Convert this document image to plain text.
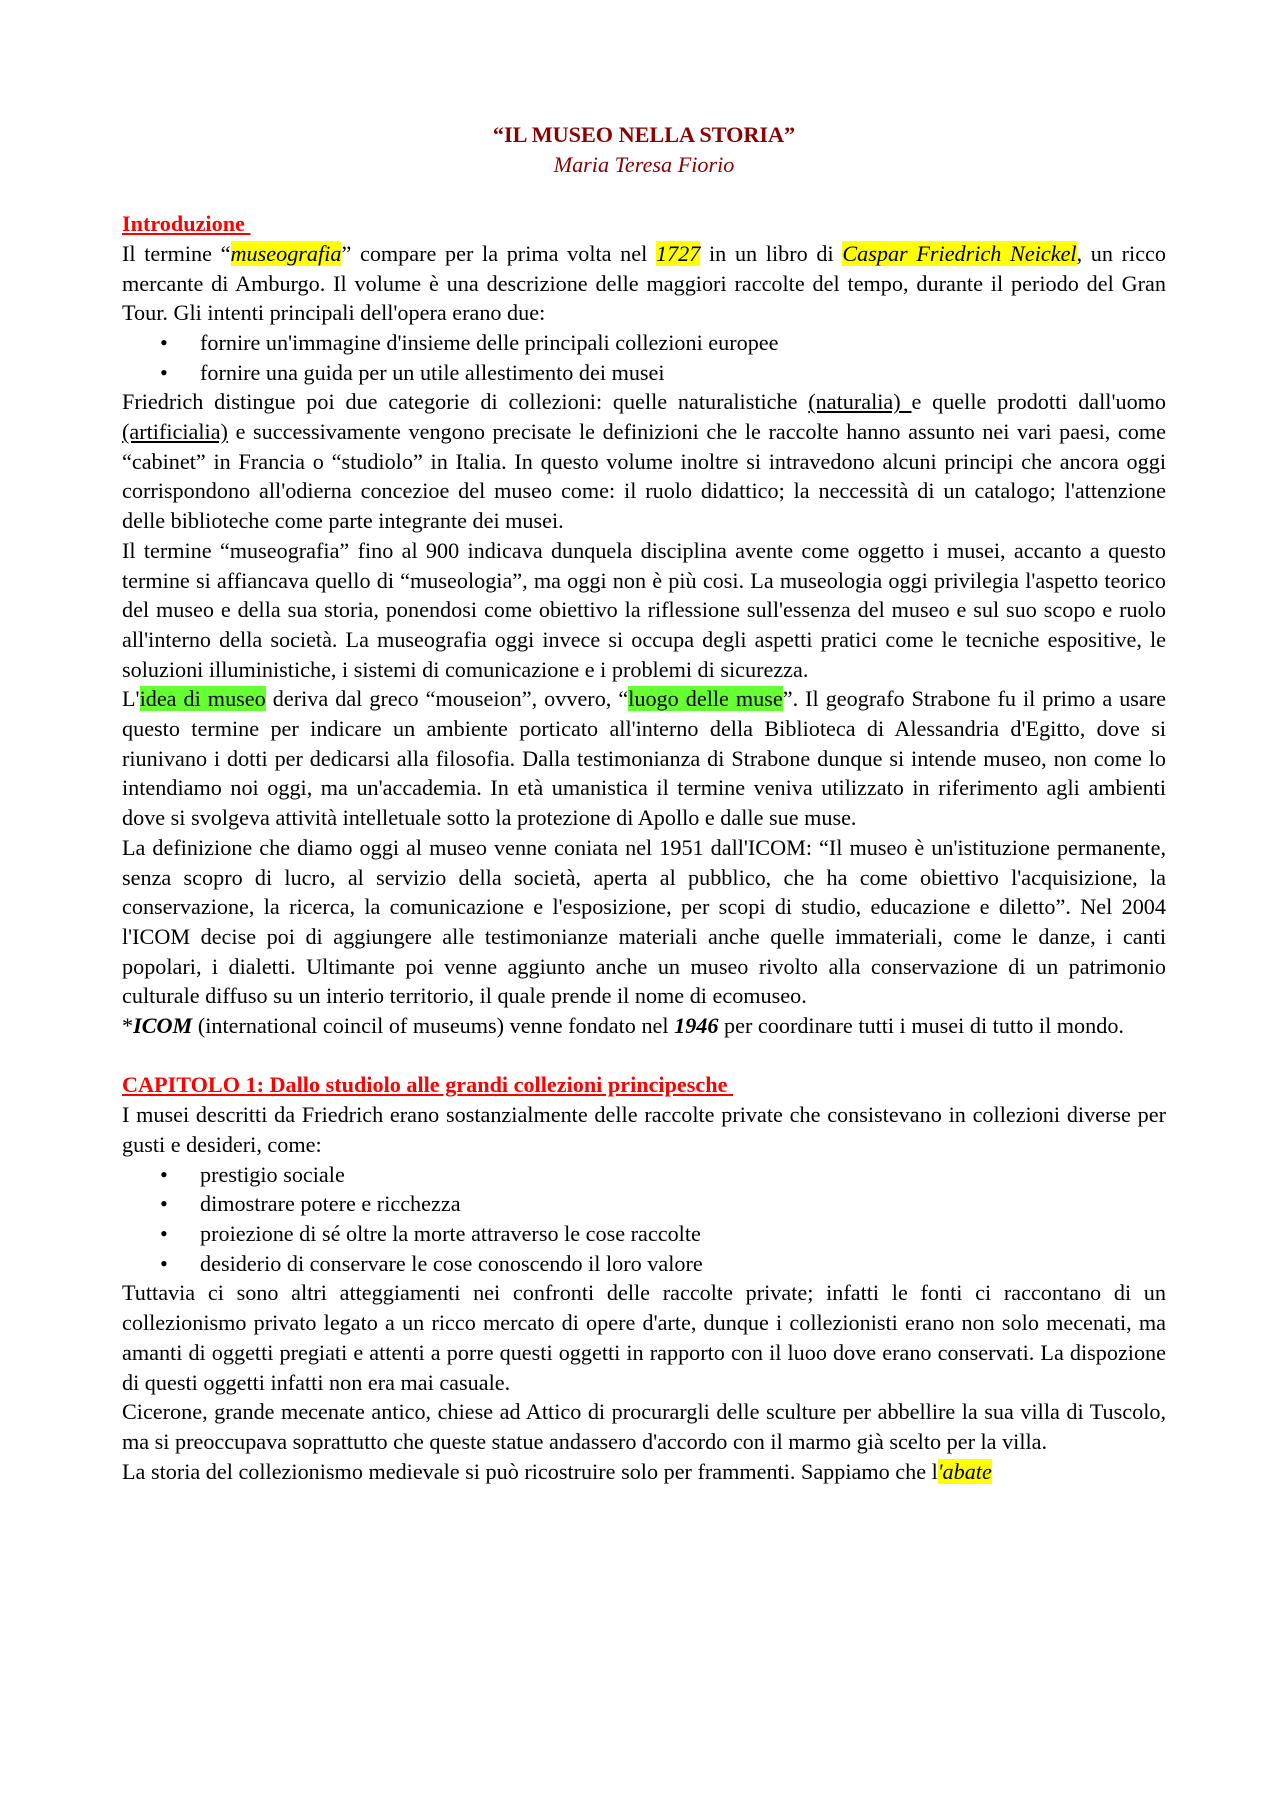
“IL MUSEO NELLA STORIA”

Maria Teresa Fiorio

Introduzione

Il termine “museografia” compare per la prima volta nel 1727 in un libro di Caspar Friedrich Neickel, un ricco mercante di Amburgo. Il volume è una descrizione delle maggiori raccolte del tempo, durante il periodo del Gran Tour. Gli intenti principali dell'opera erano due:

• fornire un'immagine d'insieme delle principali collezioni europee
• fornire una guida per un utile allestimento dei musei

Friedrich distingue poi due categorie di collezioni: quelle naturalistiche (naturalia) e quelle prodotti dall'uomo (artificialia) e successivamente vengono precisate le definizioni che le raccolte hanno assunto nei vari paesi, come “cabinet” in Francia o “studiolo” in Italia. In questo volume inoltre si intravedono alcuni principi che ancora oggi corrispondono all'odierna concezioe del museo come: il ruolo didattico; la neccessità di un catalogo; l'attenzione delle biblioteche come parte integrante dei musei.

Il termine “museografia” fino al 900 indicava dunquela disciplina avente come oggetto i musei, accanto a questo termine si affiancava quello di “museologia”, ma oggi non è più cosi. La museologia oggi privilegia l'aspetto teorico del museo e della sua storia, ponendosi come obiettivo la riflessione sull'essenza del museo e sul suo scopo e ruolo all'interno della società. La museografia oggi invece si occupa degli aspetti pratici come le tecniche espositive, le soluzioni illuministiche, i sistemi di comunicazione e i problemi di sicurezza.

L'idea di museo deriva dal greco “mouseion”, ovvero, “luogo delle muse”. Il geografo Strabone fu il primo a usare questo termine per indicare un ambiente porticato all'interno della Biblioteca di Alessandria d'Egitto, dove si riunivano i dotti per dedicarsi alla filosofia. Dalla testimonianza di Strabone dunque si intende museo, non come lo intendiamo noi oggi, ma un'accademia. In età umanistica il termine veniva utilizzato in riferimento agli ambienti dove si svolgeva attività intelletuale sotto la protezione di Apollo e dalle sue muse.

La definizione che diamo oggi al museo venne coniata nel 1951 dall'ICOM: “Il museo è un'istituzione permanente, senza scopro di lucro, al servizio della società, aperta al pubblico, che ha come obiettivo l'acquisizione, la conservazione, la ricerca, la comunicazione e l'esposizione, per scopi di studio, educazione e diletto”. Nel 2004 l'ICOM decise poi di aggiungere alle testimonianze materiali anche quelle immateriali, come le danze, i canti popolari, i dialetti. Ultimante poi venne aggiunto anche un museo rivolto alla conservazione di un patrimonio culturale diffuso su un interio territorio, il quale prende il nome di ecomuseo.

*ICOM (international coincil of museums) venne fondato nel 1946 per coordinare tutti i musei di tutto il mondo.

CAPITOLO 1: Dallo studiolo alle grandi collezioni principesche

I musei descritti da Friedrich erano sostanzialmente delle raccolte private che consistevano in collezioni diverse per gusti e desideri, come:

• prestigio sociale
• dimostrare potere e ricchezza
• proiezione di sé oltre la morte attraverso le cose raccolte
• desiderio di conservare le cose conoscendo il loro valore

Tuttavia ci sono altri atteggiamenti nei confronti delle raccolte private; infatti le fonti ci raccontano di un collezionismo privato legato a un ricco mercato di opere d'arte, dunque i collezionisti erano non solo mecenati, ma amanti di oggetti pregiati e attenti a porre questi oggetti in rapporto con il luoo dove erano conservati. La dispozione di questi oggetti infatti non era mai casuale.

Cicerone, grande mecenate antico, chiese ad Attico di procurargli delle sculture per abbellire la sua villa di Tuscolo, ma si preoccupava soprattutto che queste statue andassero d'accordo con il marmo già scelto per la villa.

La storia del collezionismo medievale si può ricostruire solo per frammenti. Sappiamo che l'abate
